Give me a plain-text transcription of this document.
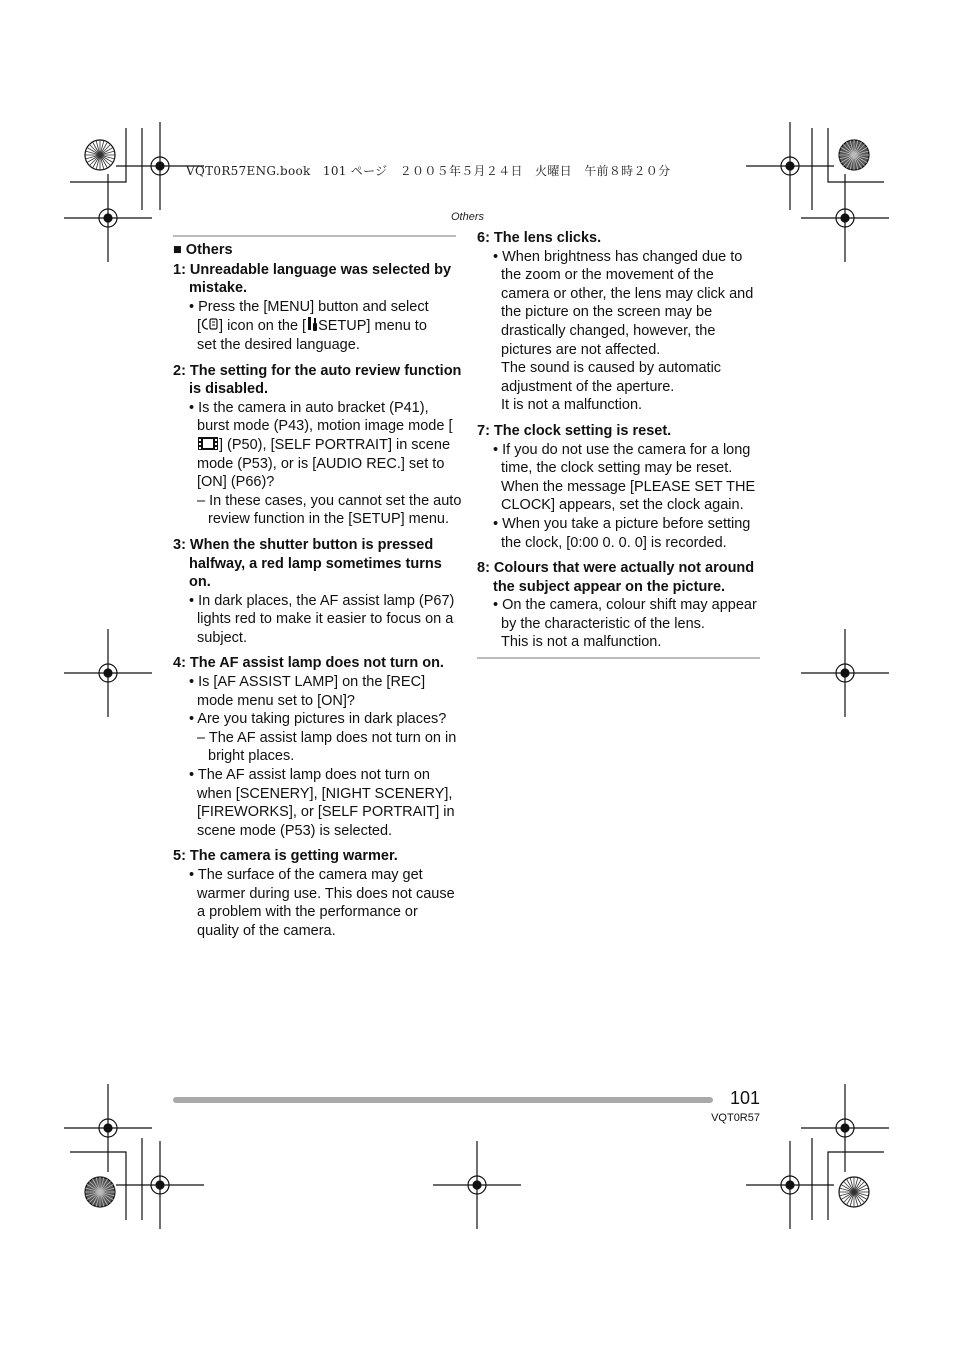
VQT0R57ENG.book　101 ページ　２００５年５月２４日　火曜日　午前８時２０分
Others

■ Others

1: Unreadable language was selected by mistake.

• Press the [MENU] button and select
[ ] icon on the [ SETUP] menu to
set the desired language.

2: The setting for the auto review function is disabled.

• Is the camera in auto bracket (P41), burst mode (P43), motion image mode [] (P50), [SELF PORTRAIT] in scene mode (P53), or is [AUDIO REC.] set to [ON] (P66)?

– In these cases, you cannot set the auto review function in the [SETUP] menu.

3: When the shutter button is pressed halfway, a red lamp sometimes turns on.

• In dark places, the AF assist lamp (P67) lights red to make it easier to focus on a subject.

4: The AF assist lamp does not turn on.

• Is [AF ASSIST LAMP] on the [REC] mode menu set to [ON]?

• Are you taking pictures in dark places?

– The AF assist lamp does not turn on in bright places.

• The AF assist lamp does not turn on when [SCENERY], [NIGHT SCENERY], [FIREWORKS], or [SELF PORTRAIT] in scene mode (P53) is selected.

5: The camera is getting warmer.

• The surface of the camera may get warmer during use. This does not cause a problem with the performance or quality of the camera.

6: The lens clicks.

• When brightness has changed due to the zoom or the movement of the camera or other, the lens may click and the picture on the screen may be drastically changed, however, the pictures are not affected.

The sound is caused by automatic adjustment of the aperture.

It is not a malfunction.

7: The clock setting is reset.

• If you do not use the camera for a long time, the clock setting may be reset.

When the message [PLEASE SET THE CLOCK] appears, set the clock again.

• When you take a picture before setting the clock, [0:00 0. 0. 0] is recorded.

8: Colours that were actually not around the subject appear on the picture.

• On the camera, colour shift may appear by the characteristic of the lens.

This is not a malfunction.

101
VQT0R57
